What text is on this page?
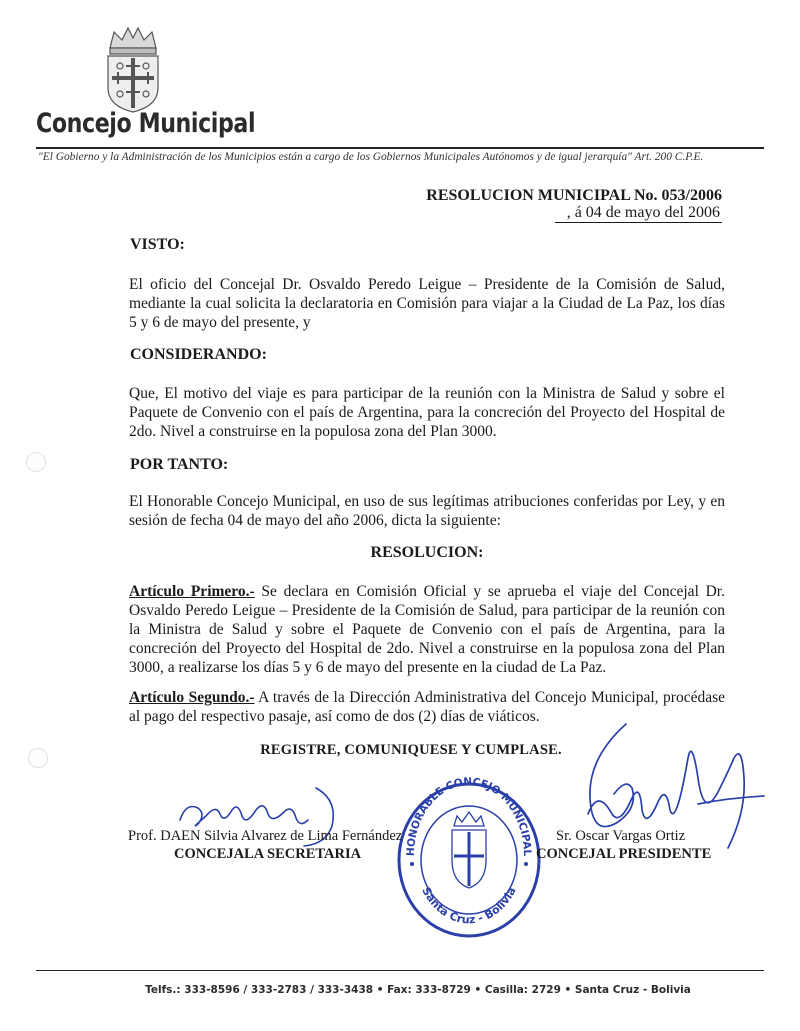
Concejo Municipal
"El Gobierno y la Administración de los Municipios están a cargo de los Gobiernos Municipales Autónomos y de igual jerarquía" Art. 200 C.P.E.
RESOLUCION MUNICIPAL No. 053/2006
, á 04 de mayo del 2006
VISTO:
El oficio del Concejal Dr. Osvaldo Peredo Leigue – Presidente de la Comisión de Salud, mediante la cual solicita la declaratoria en Comisión para viajar a la Ciudad de La Paz, los días 5 y 6 de mayo del presente, y
CONSIDERANDO:
Que, El motivo del viaje es para participar de la reunión con la Ministra de Salud y sobre el Paquete de Convenio con el país de Argentina, para la concreción del Proyecto del Hospital de 2do. Nivel a construirse en la populosa zona del Plan 3000.
POR TANTO:
El Honorable Concejo Municipal, en uso de sus legítimas atribuciones conferidas por Ley, y en sesión de fecha 04 de mayo del año 2006, dicta la siguiente:
RESOLUCION:
Artículo Primero.- Se declara en Comisión Oficial y se aprueba el viaje del Concejal Dr. Osvaldo Peredo Leigue – Presidente de la Comisión de Salud, para participar de la reunión con la Ministra de Salud y sobre el Paquete de Convenio con el país de Argentina, para la concreción del Proyecto del Hospital de 2do. Nivel a construirse en la populosa zona del Plan 3000, a realizarse los días 5 y 6 de mayo del presente en la ciudad de La Paz.
Artículo Segundo.- A través de la Dirección Administrativa del Concejo Municipal, procédase al pago del respectivo pasaje, así como de dos (2) días de viáticos.
REGISTRE, COMUNIQUESE Y CUMPLASE.
HONORABLE CONCEJO MUNICIPAL
Santa Cruz - Bolivia
Prof. DAEN Silvia Alvarez de Lima Fernández
CONCEJALA SECRETARIA
Sr. Oscar Vargas Ortiz
CONCEJAL PRESIDENTE
Telfs.: 333-8596 / 333-2783 / 333-3438 • Fax: 333-8729 • Casilla: 2729 • Santa Cruz - Bolivia
